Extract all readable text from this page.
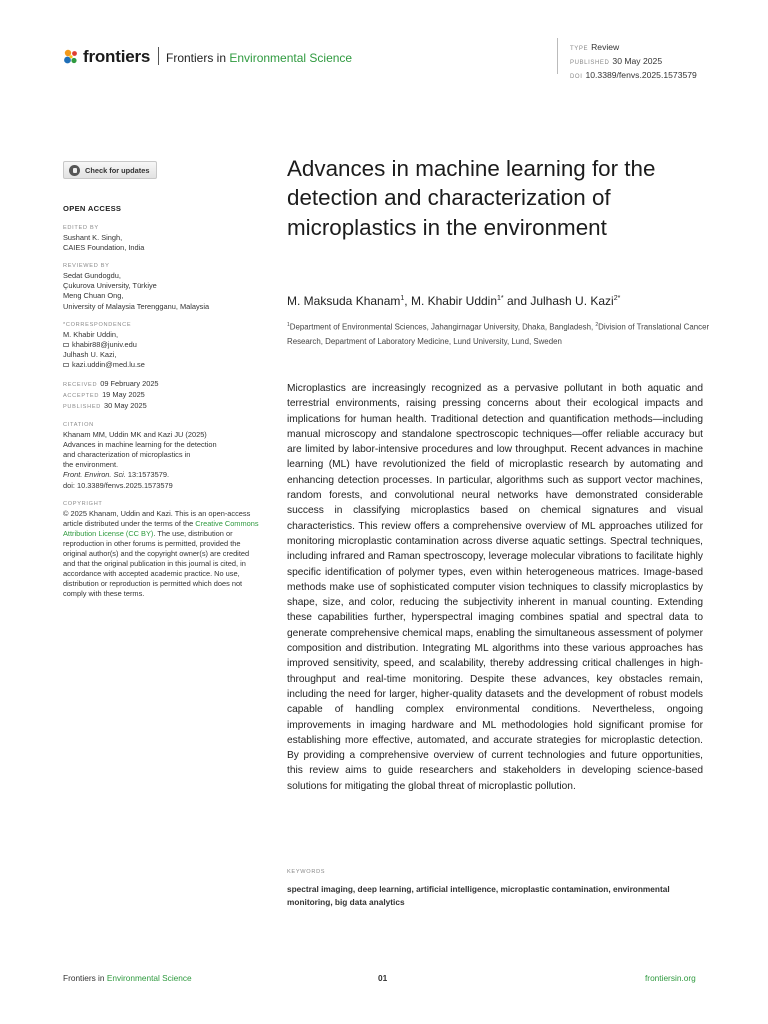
frontiers Frontiers in Environmental Science
TYPE Review
PUBLISHED 30 May 2025
DOI 10.3389/fenvs.2025.1573579
Check for updates
OPEN ACCESS
EDITED BY
Sushant K. Singh,
CAIES Foundation, India
REVIEWED BY
Sedat Gundogdu,
Çukurova University, Türkiye
Meng Chuan Ong,
University of Malaysia Terengganu, Malaysia
*CORRESPONDENCE
M. Khabir Uddin,
khabir88@juniv.edu
Julhash U. Kazi,
kazi.uddin@med.lu.se
RECEIVED 09 February 2025
ACCEPTED 19 May 2025
PUBLISHED 30 May 2025
CITATION
Khanam MM, Uddin MK and Kazi JU (2025)
Advances in machine learning for the detection
and characterization of microplastics in
the environment.
Front. Environ. Sci. 13:1573579.
doi: 10.3389/fenvs.2025.1573579
COPYRIGHT
© 2025 Khanam, Uddin and Kazi. This is an open-access article distributed under the terms of the Creative Commons Attribution License (CC BY). The use, distribution or reproduction in other forums is permitted, provided the original author(s) and the copyright owner(s) are credited and that the original publication in this journal is cited, in accordance with accepted academic practice. No use, distribution or reproduction is permitted which does not comply with these terms.
Advances in machine learning for the detection and characterization of microplastics in the environment
M. Maksuda Khanam$^1$, M. Khabir Uddin$^{1*}$ and Julhash U. Kazi$^{2*}$
$^1$Department of Environmental Sciences, Jahangirnagar University, Dhaka, Bangladesh, $^2$Division of Translational Cancer Research, Department of Laboratory Medicine, Lund University, Lund, Sweden

Microplastics are increasingly recognized as a pervasive pollutant in both aquatic and terrestrial environments, raising pressing concerns about their ecological impacts and implications for human health. Traditional detection and quantification methods—including manual microscopy and standalone spectroscopic techniques—offer reliable accuracy but are limited by labor-intensive procedures and low throughput. Recent advances in machine learning (ML) have revolutionized the field of microplastic research by automating and enhancing detection processes. In particular, algorithms such as support vector machines, random forests, and convolutional neural networks have demonstrated considerable success in classifying microplastics based on chemical signatures and visual characteristics. This review offers a comprehensive overview of ML approaches utilized for monitoring microplastic contamination across diverse aquatic settings. Spectral techniques, including infrared and Raman spectroscopy, leverage molecular vibrations to facilitate highly specific identification of polymer types, even within heterogeneous matrices. Image-based methods make use of sophisticated computer vision techniques to classify microplastics by shape, size, and color, reducing the subjectivity inherent in manual counting. Extending these capabilities further, hyperspectral imaging combines spatial and spectral data to generate comprehensive chemical maps, enabling the simultaneous assessment of polymer composition and distribution. Integrating ML algorithms into these various approaches has improved sensitivity, speed, and scalability, thereby addressing critical challenges in high-throughput and real-time monitoring. Despite these advances, key obstacles remain, including the need for larger, higher-quality datasets and the development of robust models capable of handling complex environmental conditions. Nevertheless, ongoing improvements in imaging hardware and ML methodologies hold significant promise for establishing more effective, automated, and accurate strategies for microplastic detection. By providing a comprehensive overview of current technologies and future opportunities, this review aims to guide researchers and stakeholders in developing science-based solutions for mitigating the global threat of microplastic pollution.

KEYWORDS
spectral imaging, deep learning, artificial intelligence, microplastic contamination, environmental monitoring, big data analytics
Frontiers in Environmental Science	01	frontiersin.org
